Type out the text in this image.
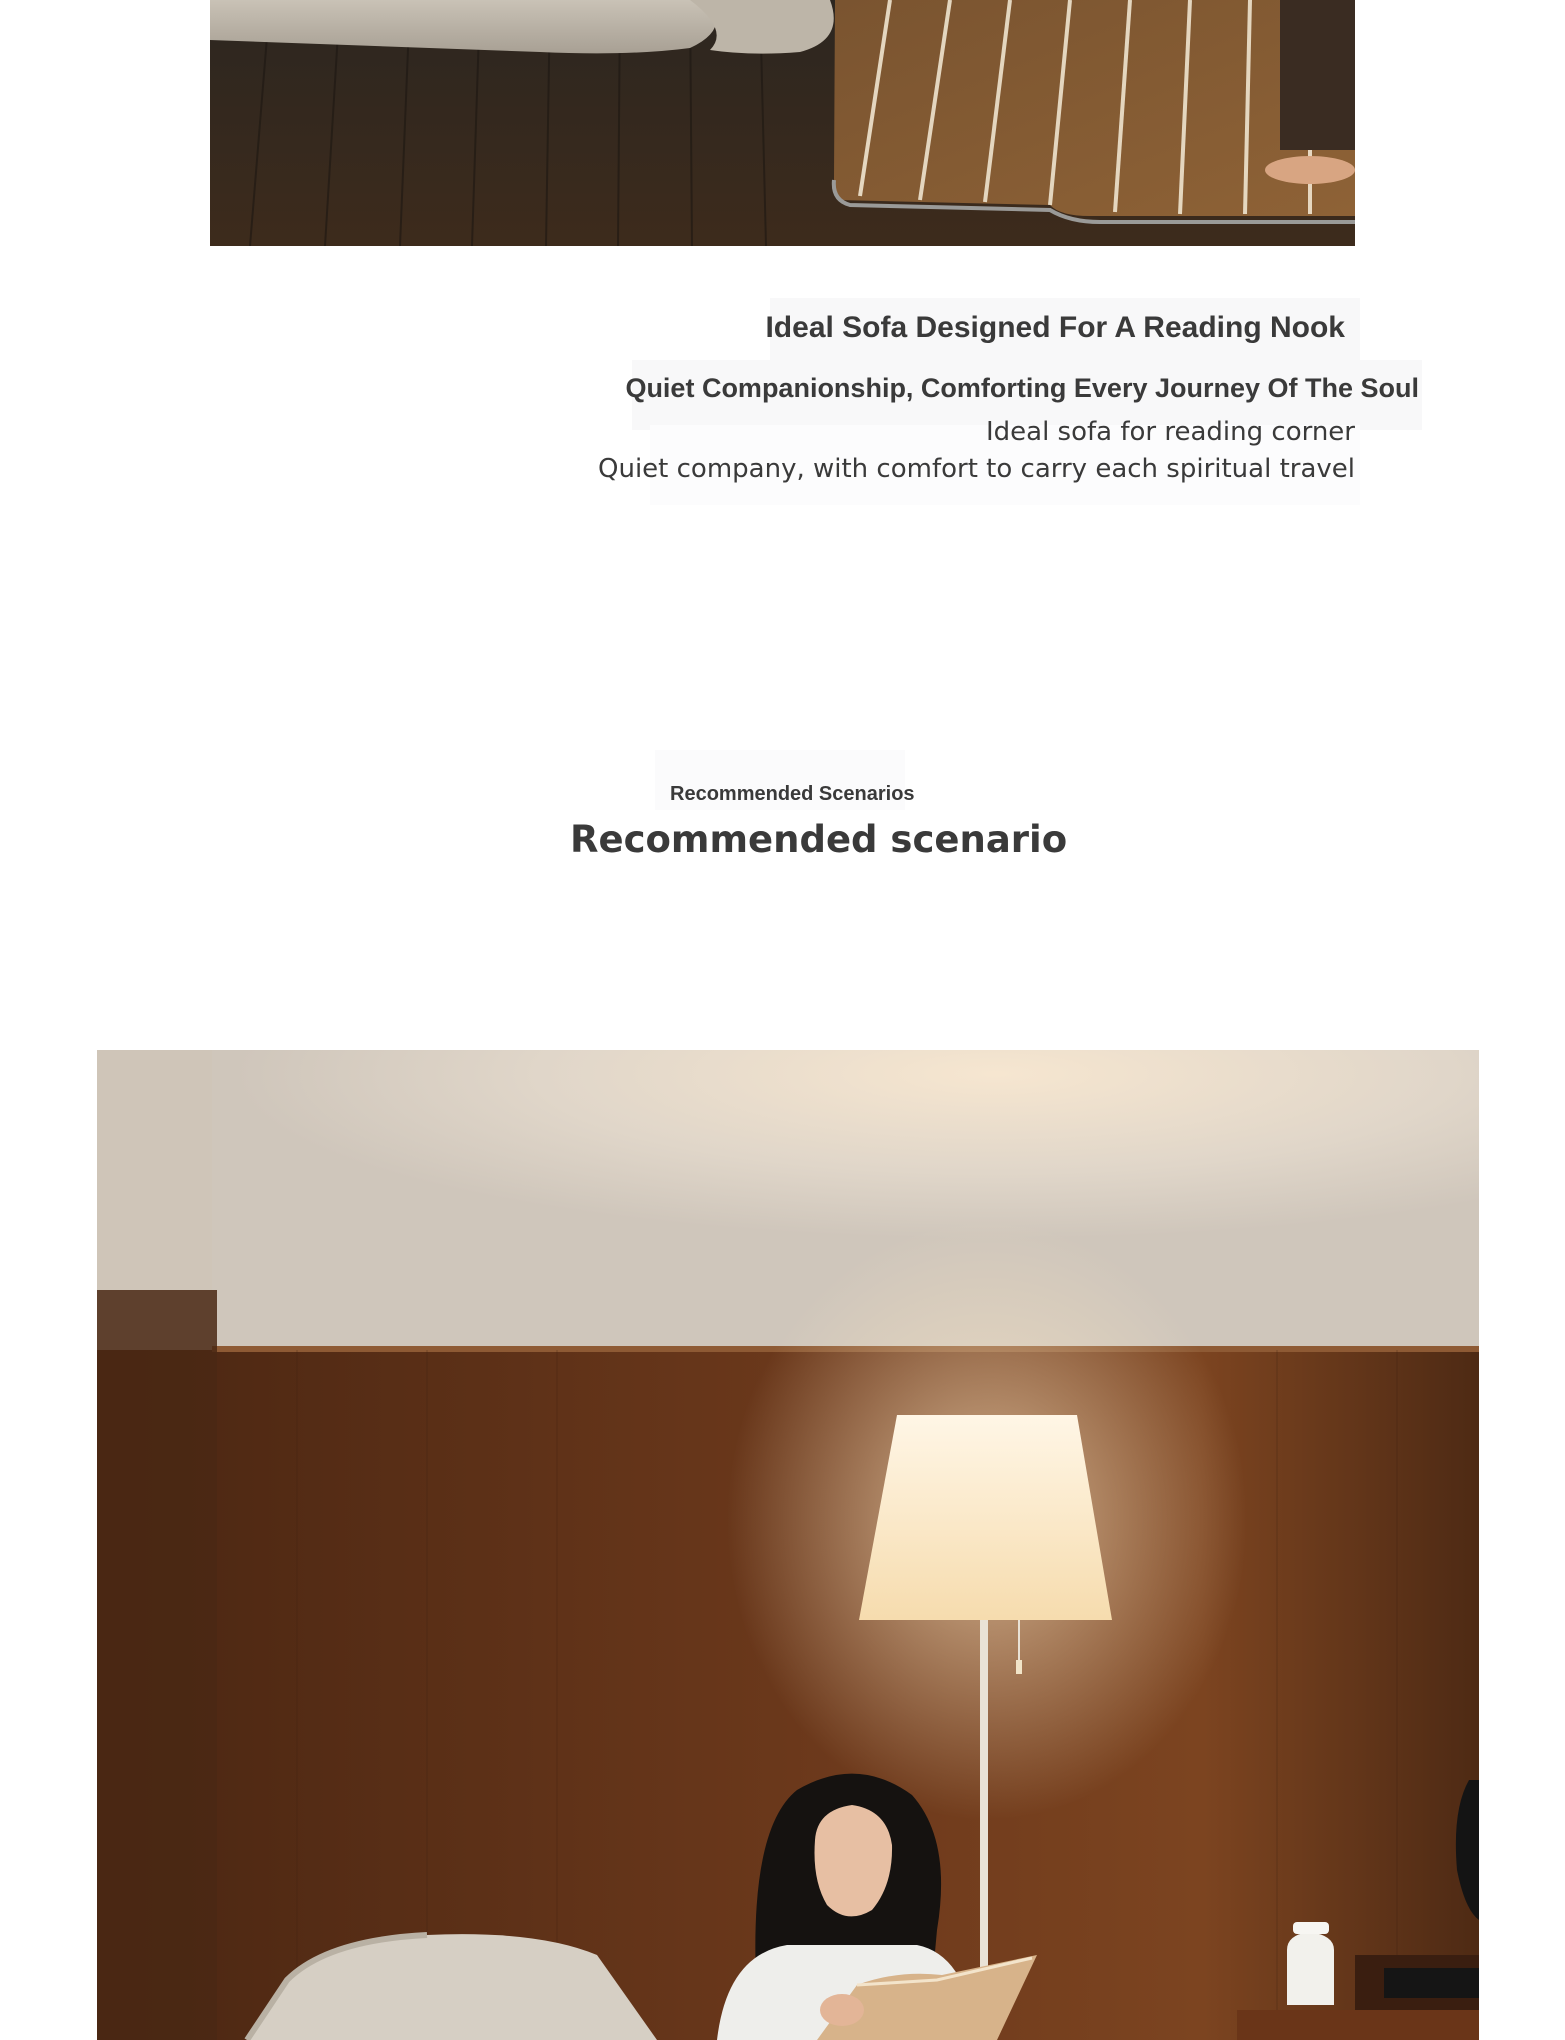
Ideal Sofa Designed For A Reading Nook
Quiet Companionship, Comforting Every Journey Of The Soul
Ideal sofa for reading corner
Quiet company, with comfort to carry each spiritual travel
Recommended Scenarios
Recommended scenario
